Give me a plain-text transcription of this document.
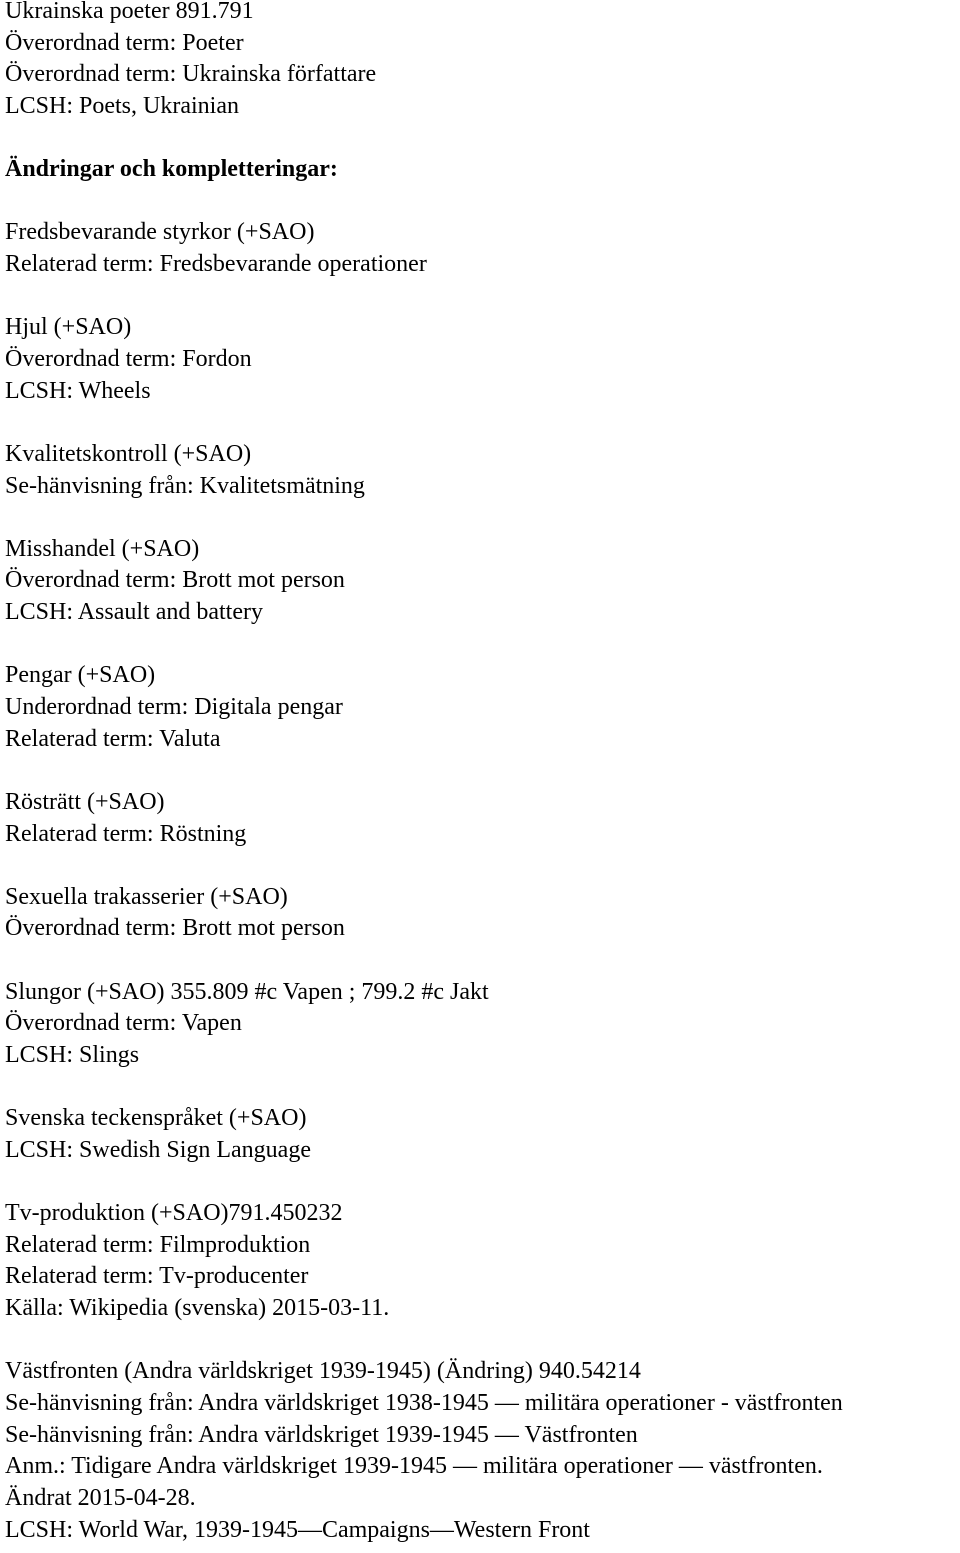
Ukrainska poeter 891.791
Överordnad term: Poeter
Överordnad term: Ukrainska författare
LCSH: Poets, Ukrainian
Ändringar och kompletteringar:
Fredsbevarande styrkor (+SAO)
Relaterad term: Fredsbevarande operationer
Hjul (+SAO)
Överordnad term: Fordon
LCSH: Wheels
Kvalitetskontroll (+SAO)
Se-hänvisning från: Kvalitetsmätning
Misshandel (+SAO)
Överordnad term: Brott mot person
LCSH: Assault and battery
Pengar (+SAO)
Underordnad term: Digitala pengar
Relaterad term: Valuta
Rösträtt (+SAO)
Relaterad term: Röstning
Sexuella trakasserier (+SAO)
Överordnad term: Brott mot person
Slungor (+SAO) 355.809 #c Vapen ; 799.2 #c Jakt
Överordnad term: Vapen
LCSH: Slings
Svenska teckenspråket (+SAO)
LCSH: Swedish Sign Language
Tv-produktion (+SAO)791.450232
Relaterad term: Filmproduktion
Relaterad term: Tv-producenter
Källa: Wikipedia (svenska) 2015-03-11.
Västfronten (Andra världskriget 1939-1945) (Ändring) 940.54214
Se-hänvisning från: Andra världskriget 1938-1945 — militära operationer - västfronten
Se-hänvisning från: Andra världskriget 1939-1945 — Västfronten
Anm.: Tidigare Andra världskriget 1939-1945 — militära operationer — västfronten.
Ändrat 2015-04-28.
LCSH: World War, 1939-1945—Campaigns—Western Front
